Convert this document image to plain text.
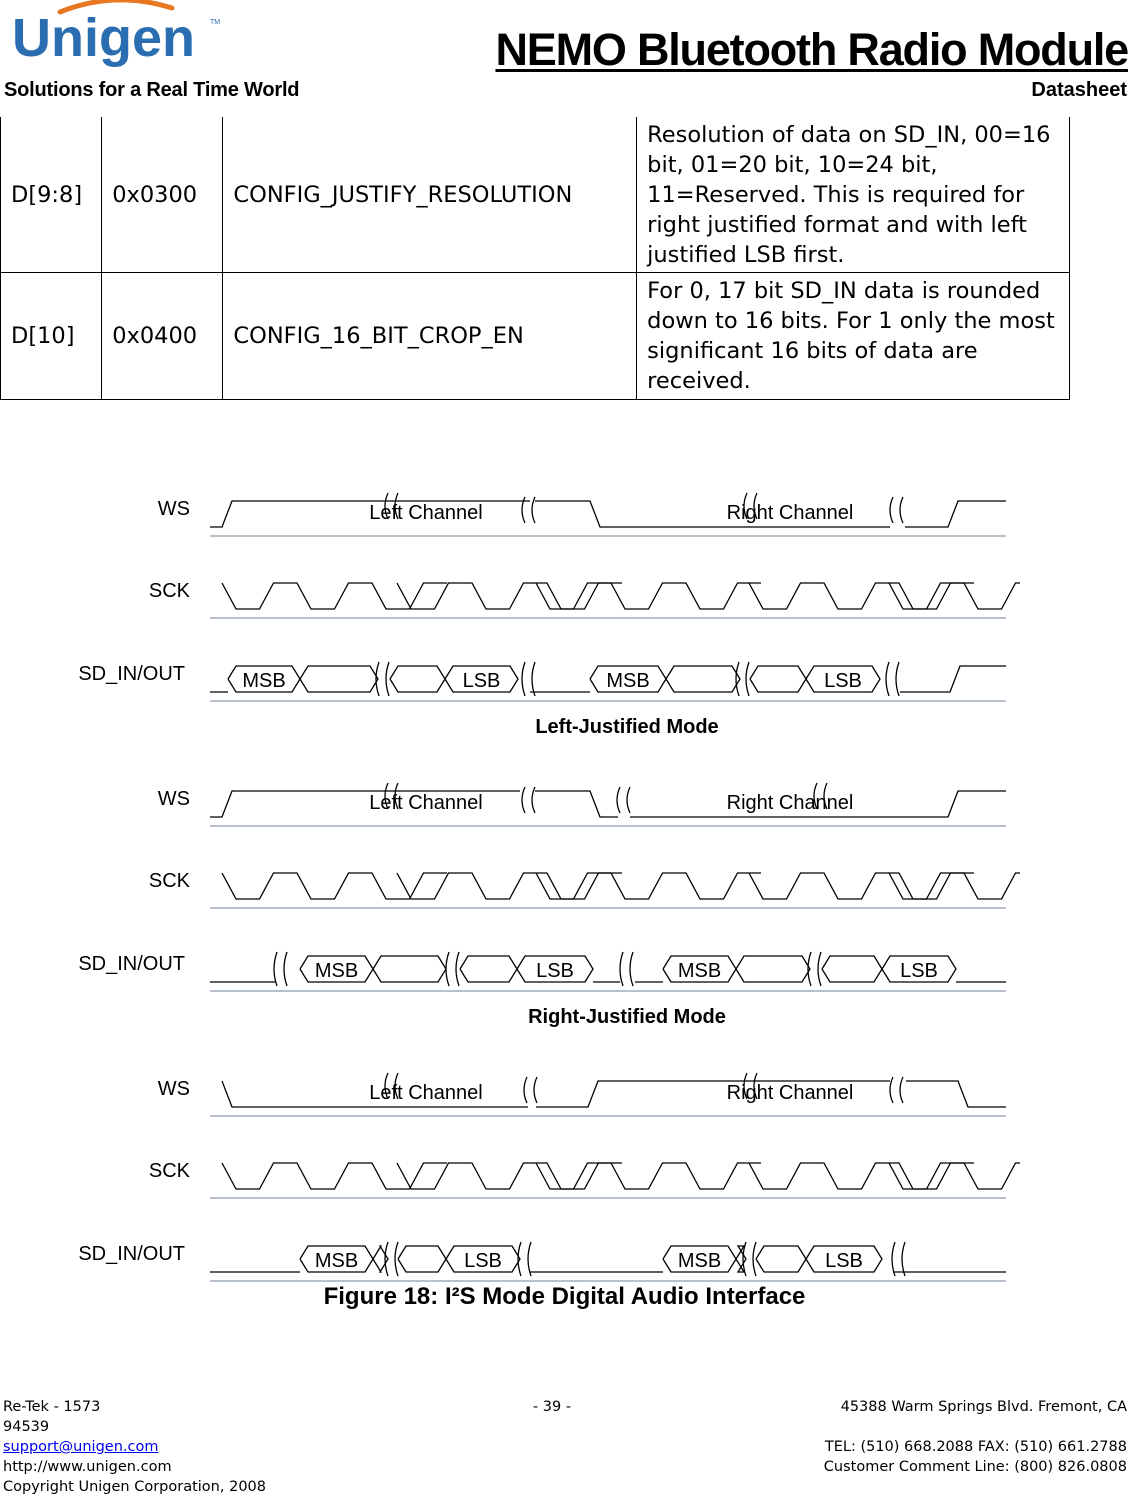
Unigen TM
Solutions for a Real Time World
NEMO Bluetooth Radio Module
Datasheet
D[9:8]	0x0300	CONFIG_JUSTIFY_RESOLUTION	Resolution of data on SD_IN, 00=16 bit, 01=20 bit, 10=24 bit, 11=Reserved. This is required for right justified format and with left justified LSB first.
D[10]	0x0400	CONFIG_16_BIT_CROP_EN	For 0, 17 bit SD_IN data is rounded down to 16 bits. For 1 only the most significant 16 bits of data are received.
WS
SCK
SD_IN/OUT
Left Channel	Right Channel
MSB	LSB	MSB	LSB
Left-Justified Mode
WS
SCK
SD_IN/OUT
Left Channel	Right Channel
MSB	LSB	MSB	LSB
Right-Justified Mode
WS
SCK
SD_IN/OUT
Left Channel	Right Channel
MSB	LSB	MSB	LSB
Figure 18: I²S Mode Digital Audio Interface
Re-Tek - 1573
94539
support@unigen.com
http://www.unigen.com
Copyright Unigen Corporation, 2008
- 39 -	45388 Warm Springs Blvd. Fremont, CA
TEL: (510) 668.2088 FAX: (510) 661.2788
Customer Comment Line: (800) 826.0808
